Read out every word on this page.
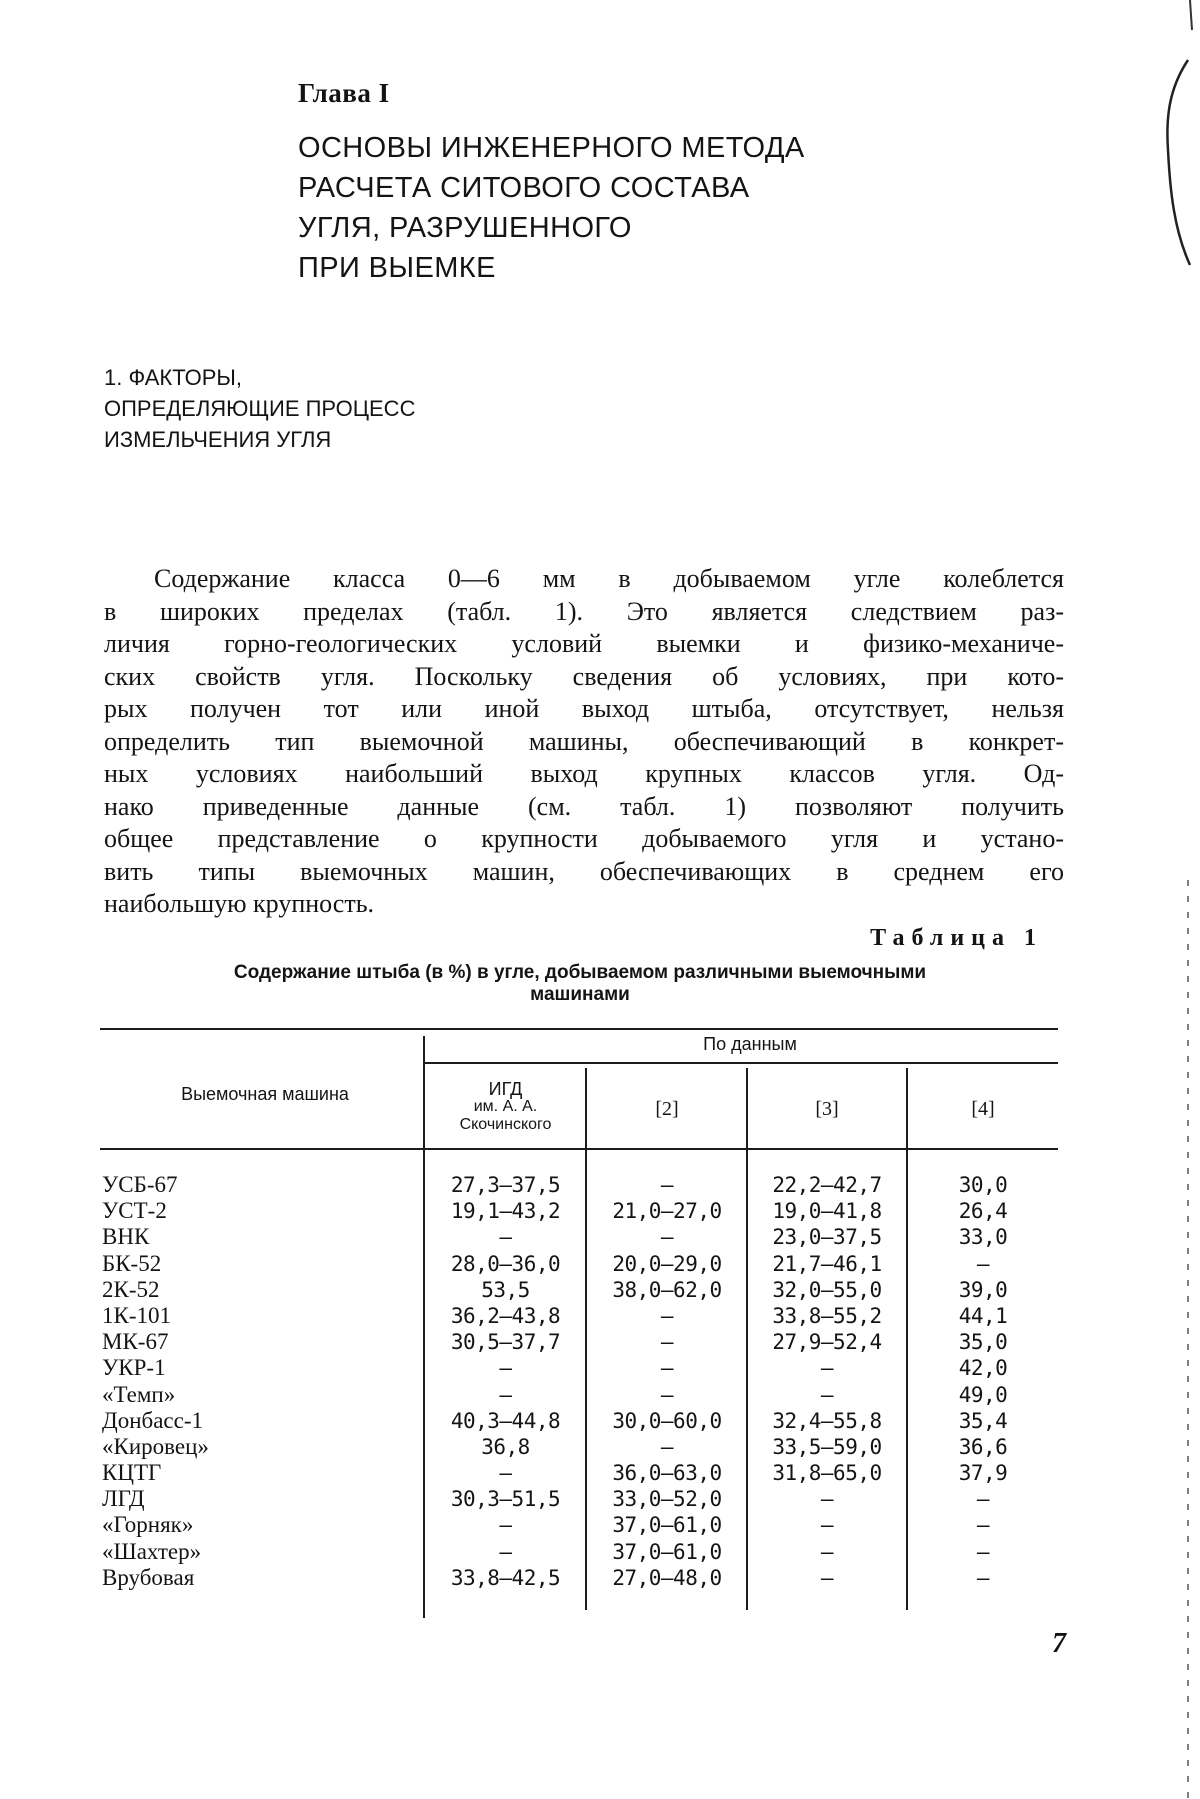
Глава I
ОСНОВЫ ИНЖЕНЕРНОГО МЕТОДА
РАСЧЕТА СИТОВОГО СОСТАВА
УГЛЯ, РАЗРУШЕННОГО
ПРИ ВЫЕМКЕ
1. ФАКТОРЫ,
ОПРЕДЕЛЯЮЩИЕ ПРОЦЕСС
ИЗМЕЛЬЧЕНИЯ УГЛЯ
Содержание класса 0—6 мм в добываемом угле колеблется
в широких пределах (табл. 1). Это является следствием раз-
личия горно-геологических условий выемки и физико-механиче-
ских свойств угля. Поскольку сведения об условиях, при кото-
рых получен тот или иной выход штыба, отсутствует, нельзя
определить тип выемочной машины, обеспечивающий в конкрет-
ных условиях наибольший выход крупных классов угля. Од-
нако приведенные данные (см. табл. 1) позволяют получить
общее представление о крупности добываемого угля и устано-
вить типы выемочных машин, обеспечивающих в среднем его
наибольшую крупность.
Таблица 1
Содержание штыба (в %) в угле, добываемом различными выемочными
машинами
Выемочная машина
По данным
ИГД
им. А. А.
Скочинского
[2]	[3]	[4]
УСБ-67
УСТ-2
ВНК
БК-52
2К-52
1К-101
МК-67
УКР-1
«Темп»
Донбасс-1
«Кировец»
КЦТГ
ЛГД
«Горняк»
«Шахтер»
Врубовая
27,3—37,5
19,1—43,2
—
28,0—36,0
53,5
36,2—43,8
30,5—37,7
—
—
40,3—44,8
36,8
—
30,3—51,5
—
—
33,8—42,5
—
21,0—27,0
—
20,0—29,0
38,0—62,0
—
—
—
—
30,0—60,0
—
36,0—63,0
33,0—52,0
37,0—61,0
37,0—61,0
27,0—48,0
22,2—42,7
19,0—41,8
23,0—37,5
21,7—46,1
32,0—55,0
33,8—55,2
27,9—52,4
—
—
32,4—55,8
33,5—59,0
31,8—65,0
—
—
—
—
30,0
26,4
33,0
—
39,0
44,1
35,0
42,0
49,0
35,4
36,6
37,9
—
—
—
—
7
